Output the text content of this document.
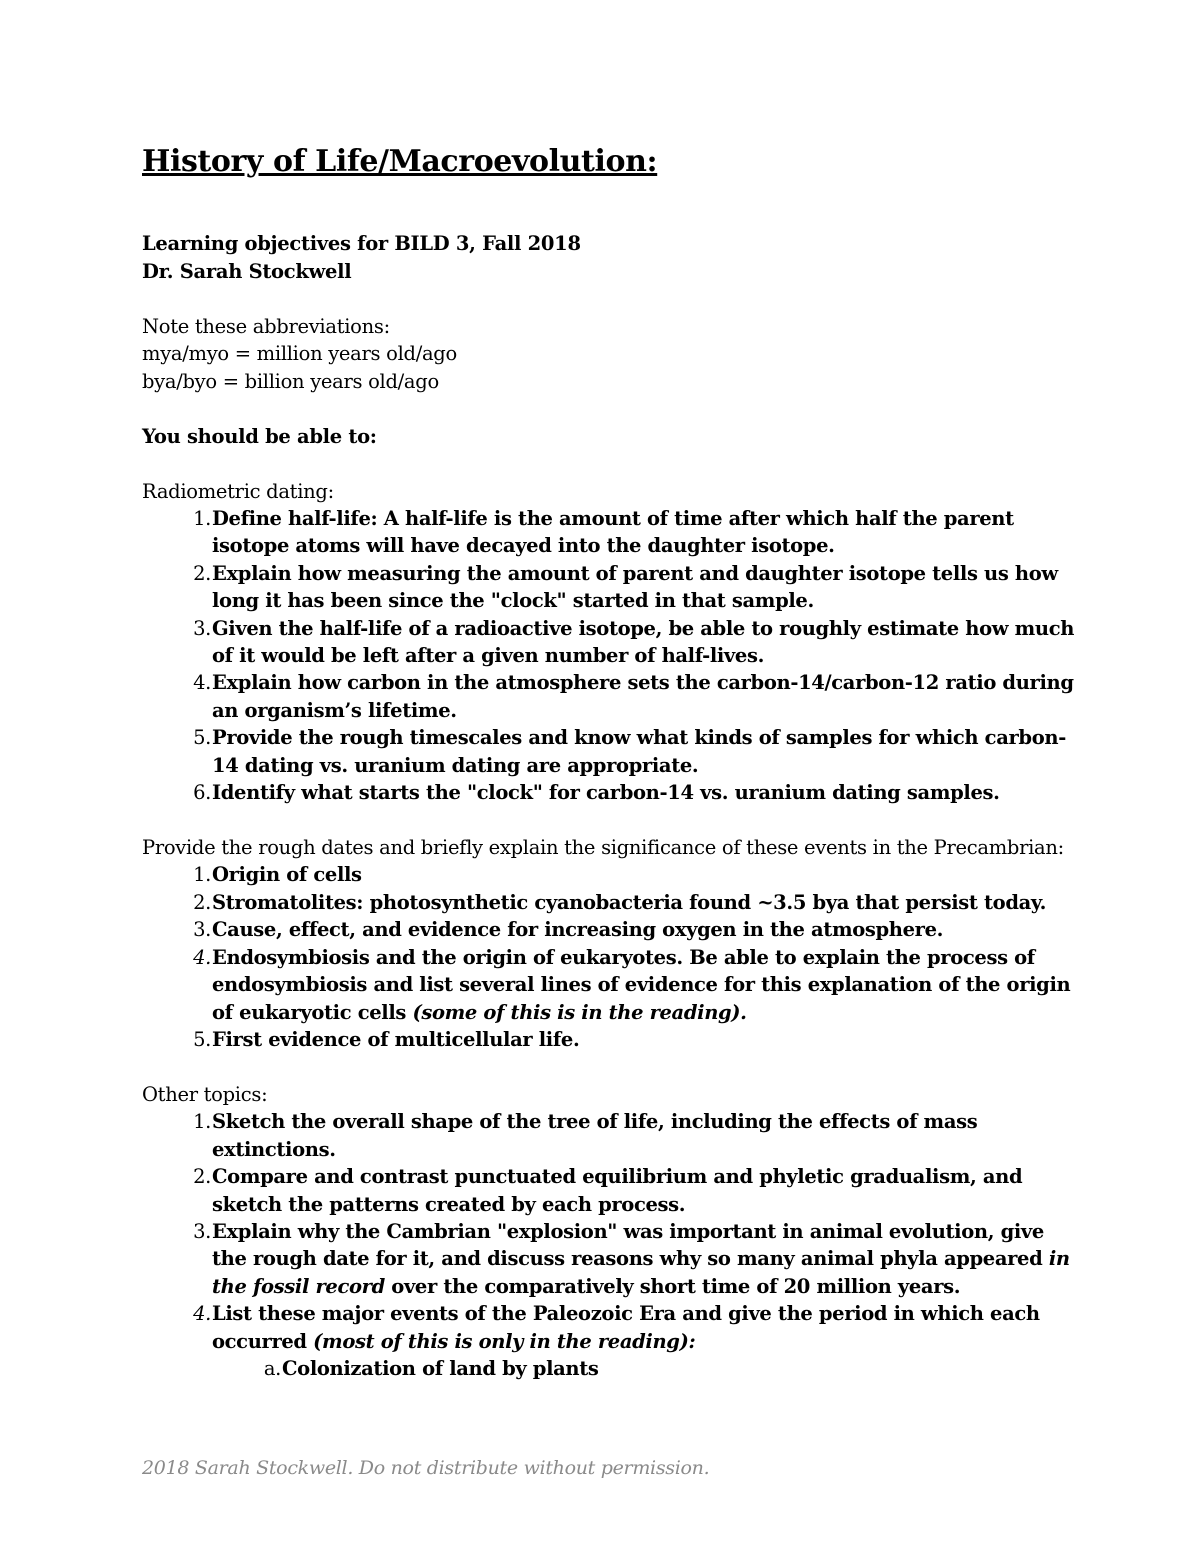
History of Life/Macroevolution:

Learning objectives for BILD 3, Fall 2018

Dr. Sarah Stockwell

Note these abbreviations:

mya/myo = million years old/ago

bya/byo = billion years old/ago

You should be able to:

Radiometric dating:

1. Define half-life: A half-life is the amount of time after which half the parent isotope atoms will have decayed into the daughter isotope.
2. Explain how measuring the amount of parent and daughter isotope tells us how long it has been since the "clock" started in that sample.
3. Given the half-life of a radioactive isotope, be able to roughly estimate how much of it would be left after a given number of half-lives.
4. Explain how carbon in the atmosphere sets the carbon-14/carbon-12 ratio during an organism’s lifetime.
5. Provide the rough timescales and know what kinds of samples for which carbon-14 dating vs. uranium dating are appropriate.
6. Identify what starts the "clock" for carbon-14 vs. uranium dating samples.

Provide the rough dates and briefly explain the significance of these events in the Precambrian:

1. Origin of cells
2. Stromatolites: photosynthetic cyanobacteria found ~3.5 bya that persist today.
3. Cause, effect, and evidence for increasing oxygen in the atmosphere.
4. Endosymbiosis and the origin of eukaryotes. Be able to explain the process of endosymbiosis and list several lines of evidence for this explanation of the origin of eukaryotic cells (some of this is in the reading).
5. First evidence of multicellular life.

Other topics:

1. Sketch the overall shape of the tree of life, including the effects of mass extinctions.
2. Compare and contrast punctuated equilibrium and phyletic gradualism, and sketch the patterns created by each process.
3. Explain why the Cambrian "explosion" was important in animal evolution, give the rough date for it, and discuss reasons why so many animal phyla appeared in the fossil record over the comparatively short time of 20 million years.
4. List these major events of the Paleozoic Era and give the period in which each occurred (most of this is only in the reading):
a. Colonization of land by plants
2018 Sarah Stockwell. Do not distribute without permission.
